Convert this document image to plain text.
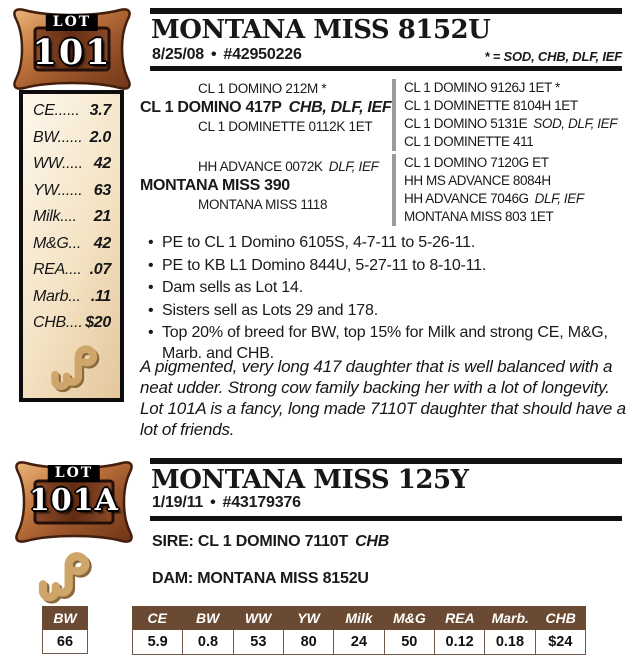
LOT
101
CE...... 3.7
BW...... 2.0
WW..... 42
YW...... 63
Milk.... 21
M&G... 42
REA.... .07
Marb... .11
CHB.... $20
MONTANA MISS 8152U
8/25/08 • #42950226	* = SOD, CHB, DLF, IEF
CL 1 DOMINO 212M *
CL 1 DOMINO 417P CHB, DLF, IEF
CL 1 DOMINETTE 0112K 1ET
HH ADVANCE 0072K DLF, IEF
MONTANA MISS 390
MONTANA MISS 1118
CL 1 DOMINO 9126J 1ET *
CL 1 DOMINETTE 8104H 1ET
CL 1 DOMINO 5131E SOD, DLF, IEF
CL 1 DOMINETTE 411
CL 1 DOMINO 7120G ET
HH MS ADVANCE 8084H
HH ADVANCE 7046G DLF, IEF
MONTANA MISS 803 1ET
• PE to CL 1 Domino 6105S, 4-7-11 to 5-26-11.
• PE to KB L1 Domino 844U, 5-27-11 to 8-10-11.
• Dam sells as Lot 14.
• Sisters sell as Lots 29 and 178.
• Top 20% of breed for BW, top 15% for Milk and strong CE, M&G, Marb. and CHB.
A pigmented, very long 417 daughter that is well balanced with a neat udder. Strong cow family backing her with a lot of longevity. Lot 101A is a fancy, long made 7110T daughter that should have a lot of friends.
LOT
101A
MONTANA MISS 125Y
1/19/11 • #43179376
SIRE: CL 1 DOMINO 7110T CHB
DAM: MONTANA MISS 8152U
BW
66
CE	BW	WW	YW	Milk	M&G	REA	Marb.	CHB
5.9	0.8	53	80	24	50	0.12	0.18	$24
